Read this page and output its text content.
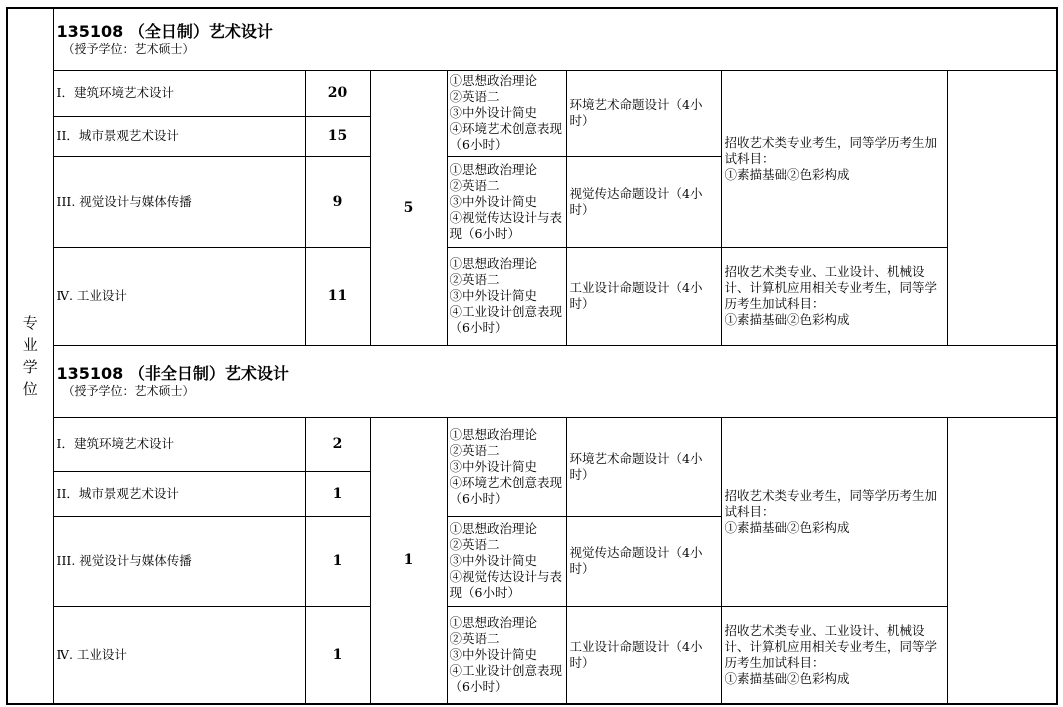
专业学位	135108 （全日制）艺术设计
（授予学位：艺术硕士）						

	Ⅰ．建筑环境艺术设计	20	5	①思想政治理论
②英语二
③中外设计简史
④环境艺术创意表现（6小时）	环境艺术命题设计（4小时）	招收艺术类专业考生，同等学历考生加试科目：
①素描基础②色彩构成	

	II．城市景观艺术设计	15					
	III. 视觉设计与媒体传播	9		①思想政治理论
②英语二
③中外设计简史
④视觉传达设计与表现（6小时）	视觉传达命题设计（4小时）		
	Ⅳ. 工业设计	11		①思想政治理论
②英语二
③中外设计简史
④工业设计创意表现（6小时）	工业设计命题设计（4小时）	招收艺术类专业、工业设计、机械设计、计算机应用相关专业考生，同等学历考生加试科目：
①素描基础②色彩构成	

	135108 （非全日制）艺术设计
（授予学位：艺术硕士）						

	Ⅰ．建筑环境艺术设计	2	1	①思想政治理论
②英语二
③中外设计简史
④环境艺术创意表现（6小时）	环境艺术命题设计（4小时）	招收艺术类专业考生，同等学历考生加试科目：
①素描基础②色彩构成	

	II．城市景观艺术设计	1					
	III. 视觉设计与媒体传播	1		①思想政治理论
②英语二
③中外设计简史
④视觉传达设计与表现（6小时）	视觉传达命题设计（4小时）		
	Ⅳ. 工业设计	1		①思想政治理论
②英语二
③中外设计简史
④工业设计创意表现（6小时）	工业设计命题设计（4小时）	招收艺术类专业、工业设计、机械设计、计算机应用相关专业考生，同等学历考生加试科目：
①素描基础②色彩构成	
